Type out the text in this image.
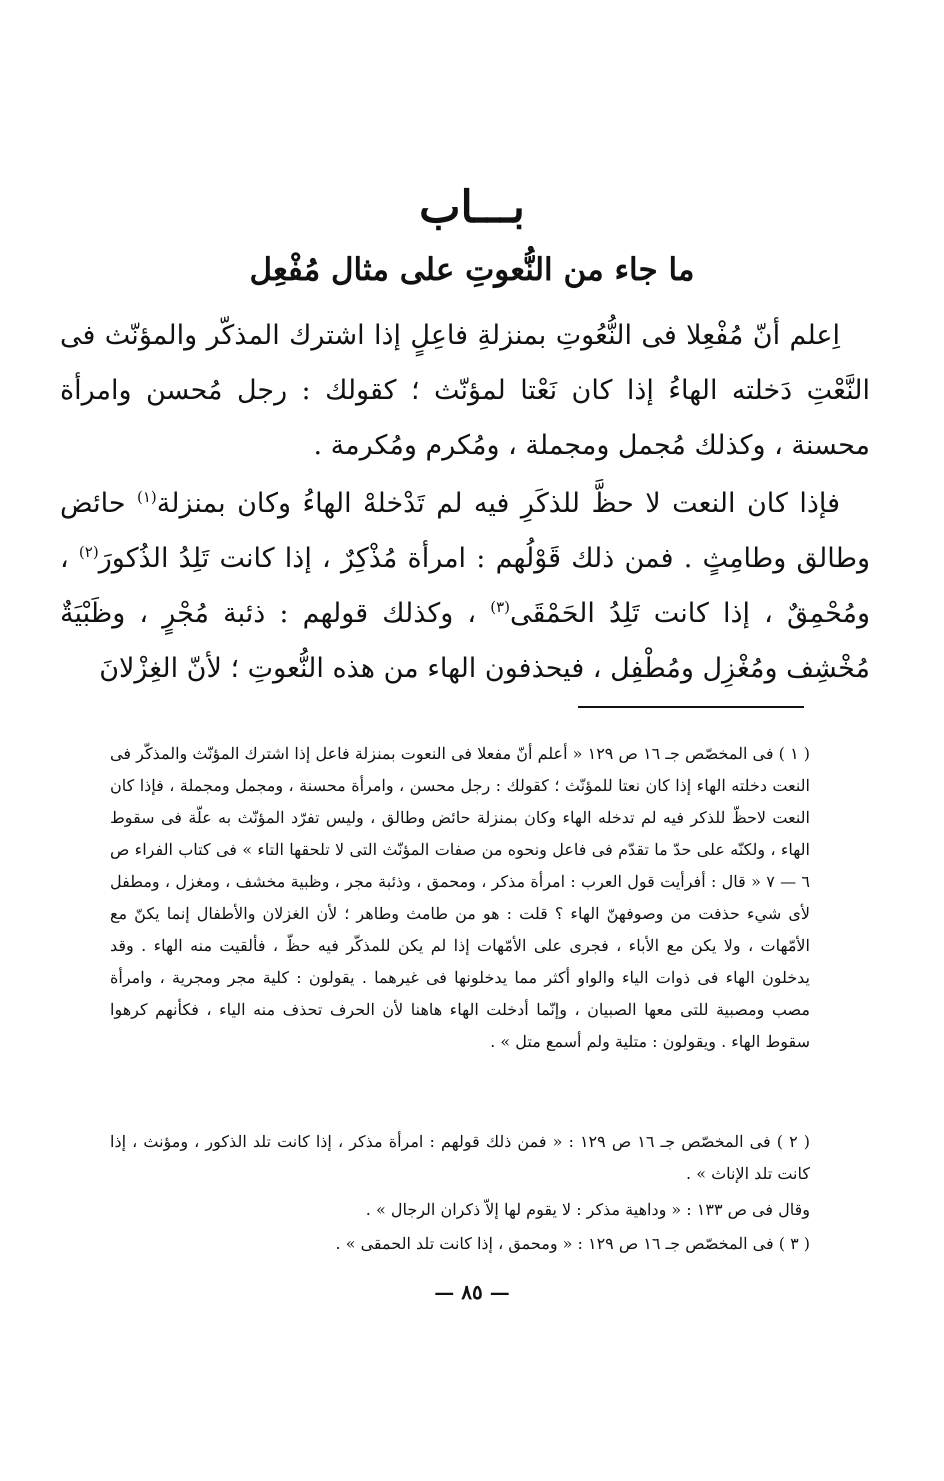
بـــاب
ما جاء من النُّعوتِ على مثال مُفْعِل

اِعلم أنّ مُفْعِلا فى النُّعُوتِ بمنزلةِ فاعِلٍ إذا اشترك المذكّر والمؤنّث فى النَّعْتِ دَخلته الهاءُ إذا كان نَعْتا لمؤنّث ؛ كقولك : رجل مُحسن وامرأة محسنة ، وكذلك مُجمل ومجملة ، ومُكرم ومُكرمة .

فإذا كان النعت لا حظَّ للذكَرِ فيه لم تَدْخلهْ الهاءُ وكان بمنزلة$^{(١)}$ حائض وطالق وطامِثٍ . فمن ذلك قَوْلُهم : امرأة مُذْكِرٌ ، إذا كانت تَلِدُ الذُكورَ$^{(٢)}$ ، ومُحْمِقٌ ، إذا كانت تَلِدُ الحَمْقَى$^{(٣)}$ ، وكذلك قولهم : ذئبة مُجْرٍ ، وظَبْيَةٌ مُخْشِف ومُغْزِل ومُطْفِل ، فيحذفون الهاء من هذه النُّعوتِ ؛ لأنّ الغِزْلانَ

( ١ ) فى المخصّص جـ ١٦ ص ١٢٩ « أعلم أنّ مفعلا فى النعوت بمنزلة فاعل إذا اشترك المؤنّث والمذكّر فى النعت دخلته الهاء إذا كان نعتا للمؤنّث ؛ كقولك : رجل محسن ، وامرأة محسنة ، ومجمل ومجملة ، فإذا كان النعت لاحظّ للذكر فيه لم تدخله الهاء وكان بمنزلة حائض وطالق ، وليس تفرّد المؤنّث به علّة فى سقوط الهاء ، ولكنّه على حدّ ما تقدّم فى فاعل ونحوه من صفات المؤنّث التى لا تلحقها التاء » فى كتاب الفراء ص ٦ — ٧ « قال : أفرأيت قول العرب : امرأة مذكر ، ومحمق ، وذئبة مجر ، وظبية مخشف ، ومغزل ، ومطفل لأى شيء حذفت من وصوفهنّ الهاء ؟ قلت : هو من طامث وطاهر ؛ لأن الغزلان والأطفال إنما يكنّ مع الأمّهات ، ولا يكن مع الأباء ، فجرى على الأمّهات إذا لم يكن للمذكّر فيه حظّ ، فألقيت منه الهاء . وقد يدخلون الهاء فى ذوات الياء والواو أكثر مما يدخلونها فى غيرهما . يقولون : كلية مجر ومجرية ، وامرأة مصب ومصبية للتى معها الصبيان ، وإنّما أدخلت الهاء هاهنا لأن الحرف تحذف منه الياء ، فكأنهم كرهوا سقوط الهاء . ويقولون : متلية ولم أسمع متل » .

( ٢ ) فى المخصّص جـ ١٦ ص ١٢٩ : « فمن ذلك قولهم : امرأة مذكر ، إذا كانت تلد الذكور ، ومؤنث ، إذا كانت تلد الإناث » .

وقال فى ص ١٣٣ : « وداهية مذكر : لا يقوم لها إلاّ ذكران الرجال » .

( ٣ ) فى المخصّص جـ ١٦ ص ١٢٩ : « ومحمق ، إذا كانت تلد الحمقى » .

— ٨٥ —
